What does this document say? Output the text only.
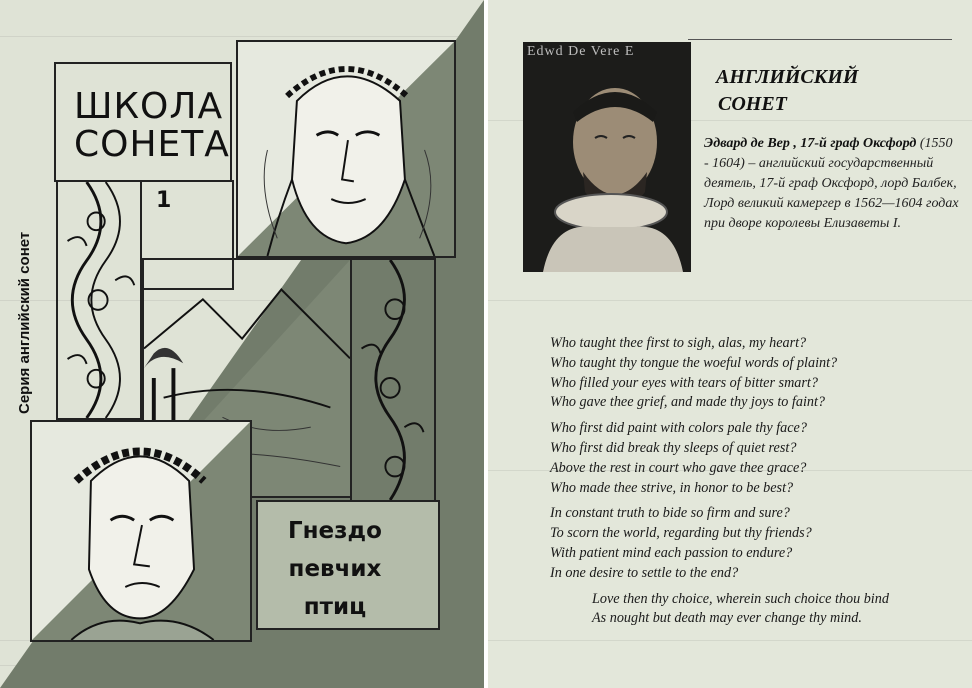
ШКОЛА
СОНЕТА
Серия английский сонет
1
Гнездо
певчих
птиц
Edwd De Vere E
АНГЛИЙСКИЙ
СОНЕТ
Эдвард де Вер , 17-й граф Оксфорд (1550 - 1604) – английский государственный деятель, 17-й граф Оксфорд, лорд Балбек, Лорд великий камергер в 1562—1604 годах при дворе королевы Елизаветы I.
Who taught thee first to sigh, alas, my heart?
Who taught thy tongue the woeful words of plaint?
Who filled your eyes with tears of bitter smart?
Who gave thee grief, and made thy joys to faint?
Who first did paint with colors pale thy face?
Who first did break thy sleeps of quiet rest?
Above the rest in court who gave thee grace?
Who made thee strive, in honor to be best?
In constant truth to bide so firm and sure?
To scorn the world, regarding but thy friends?
With patient mind each passion to endure?
In one desire to settle to the end?
Love then thy choice, wherein such choice thou bind
As nought but death may ever change thy mind.
